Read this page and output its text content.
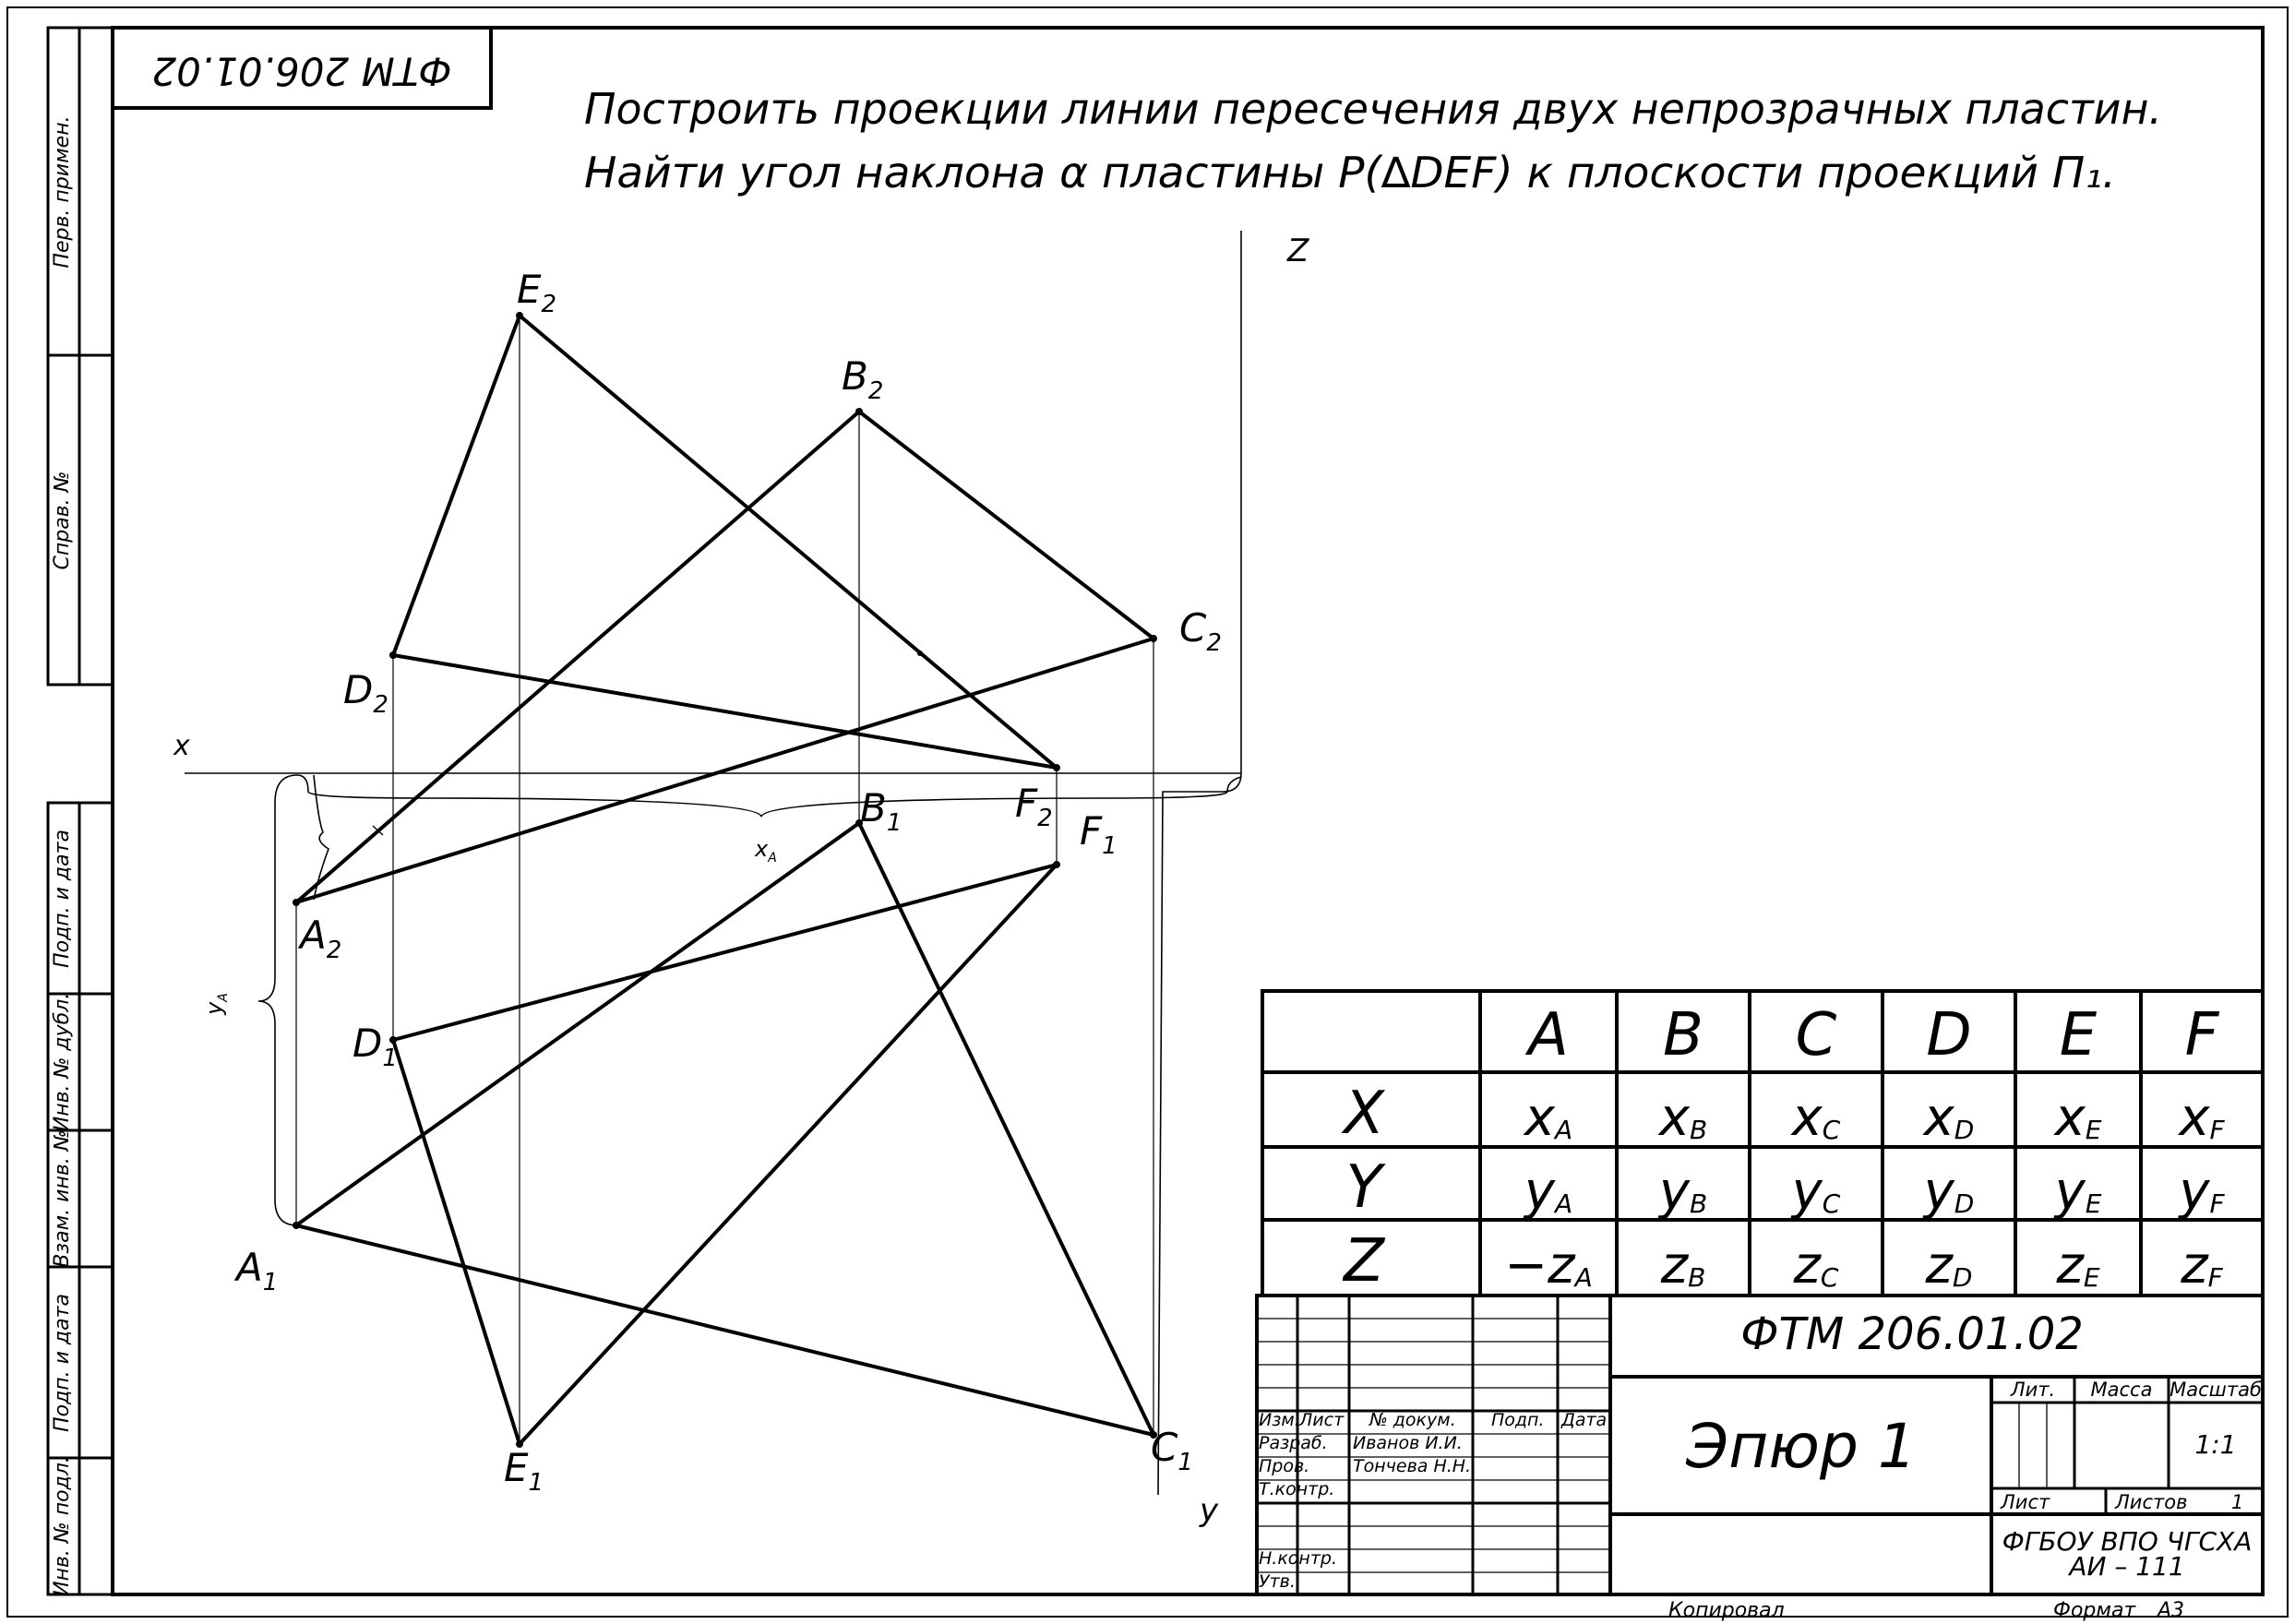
Перв. примен.
Справ. №
Подп. и дата
Инв. № дубл.
Взам. инв. №
Подп. и дата
Инв. № подл.
ФТМ 206.01.02
Построить проекции линии пересечения двух непрозрачных пластин.
Найти угол наклона α пластины P(∆DEF) к плоскости проекций П₁.
x
Z
y
$x_A$
$y_A$
$A_2$
$B_2$
$C_2$
$D_2$
$E_2$
$F_2$
$A_1$
$B_1$
$C_1$
$D_1$
$E_1$
$F_1$
A B C D E F
X
Y
Z
xA xB xC xD xE xF
yA yB yC yD yE yF
−zA zB zC zD zE zF
ФТМ 206.01.02
Эпюр 1
Изм. Лист № докум. Подп. Дата
Разраб.
Пров.
Т.контр.
Н.контр.
Утв.
Иванов И.И.
Тончева Н.Н.
Лит. Масса Масштаб
1:1
Лист	Листов 1
ФГБОУ ВПО ЧГСХА
АИ – 111
Копировал	Формат А3
